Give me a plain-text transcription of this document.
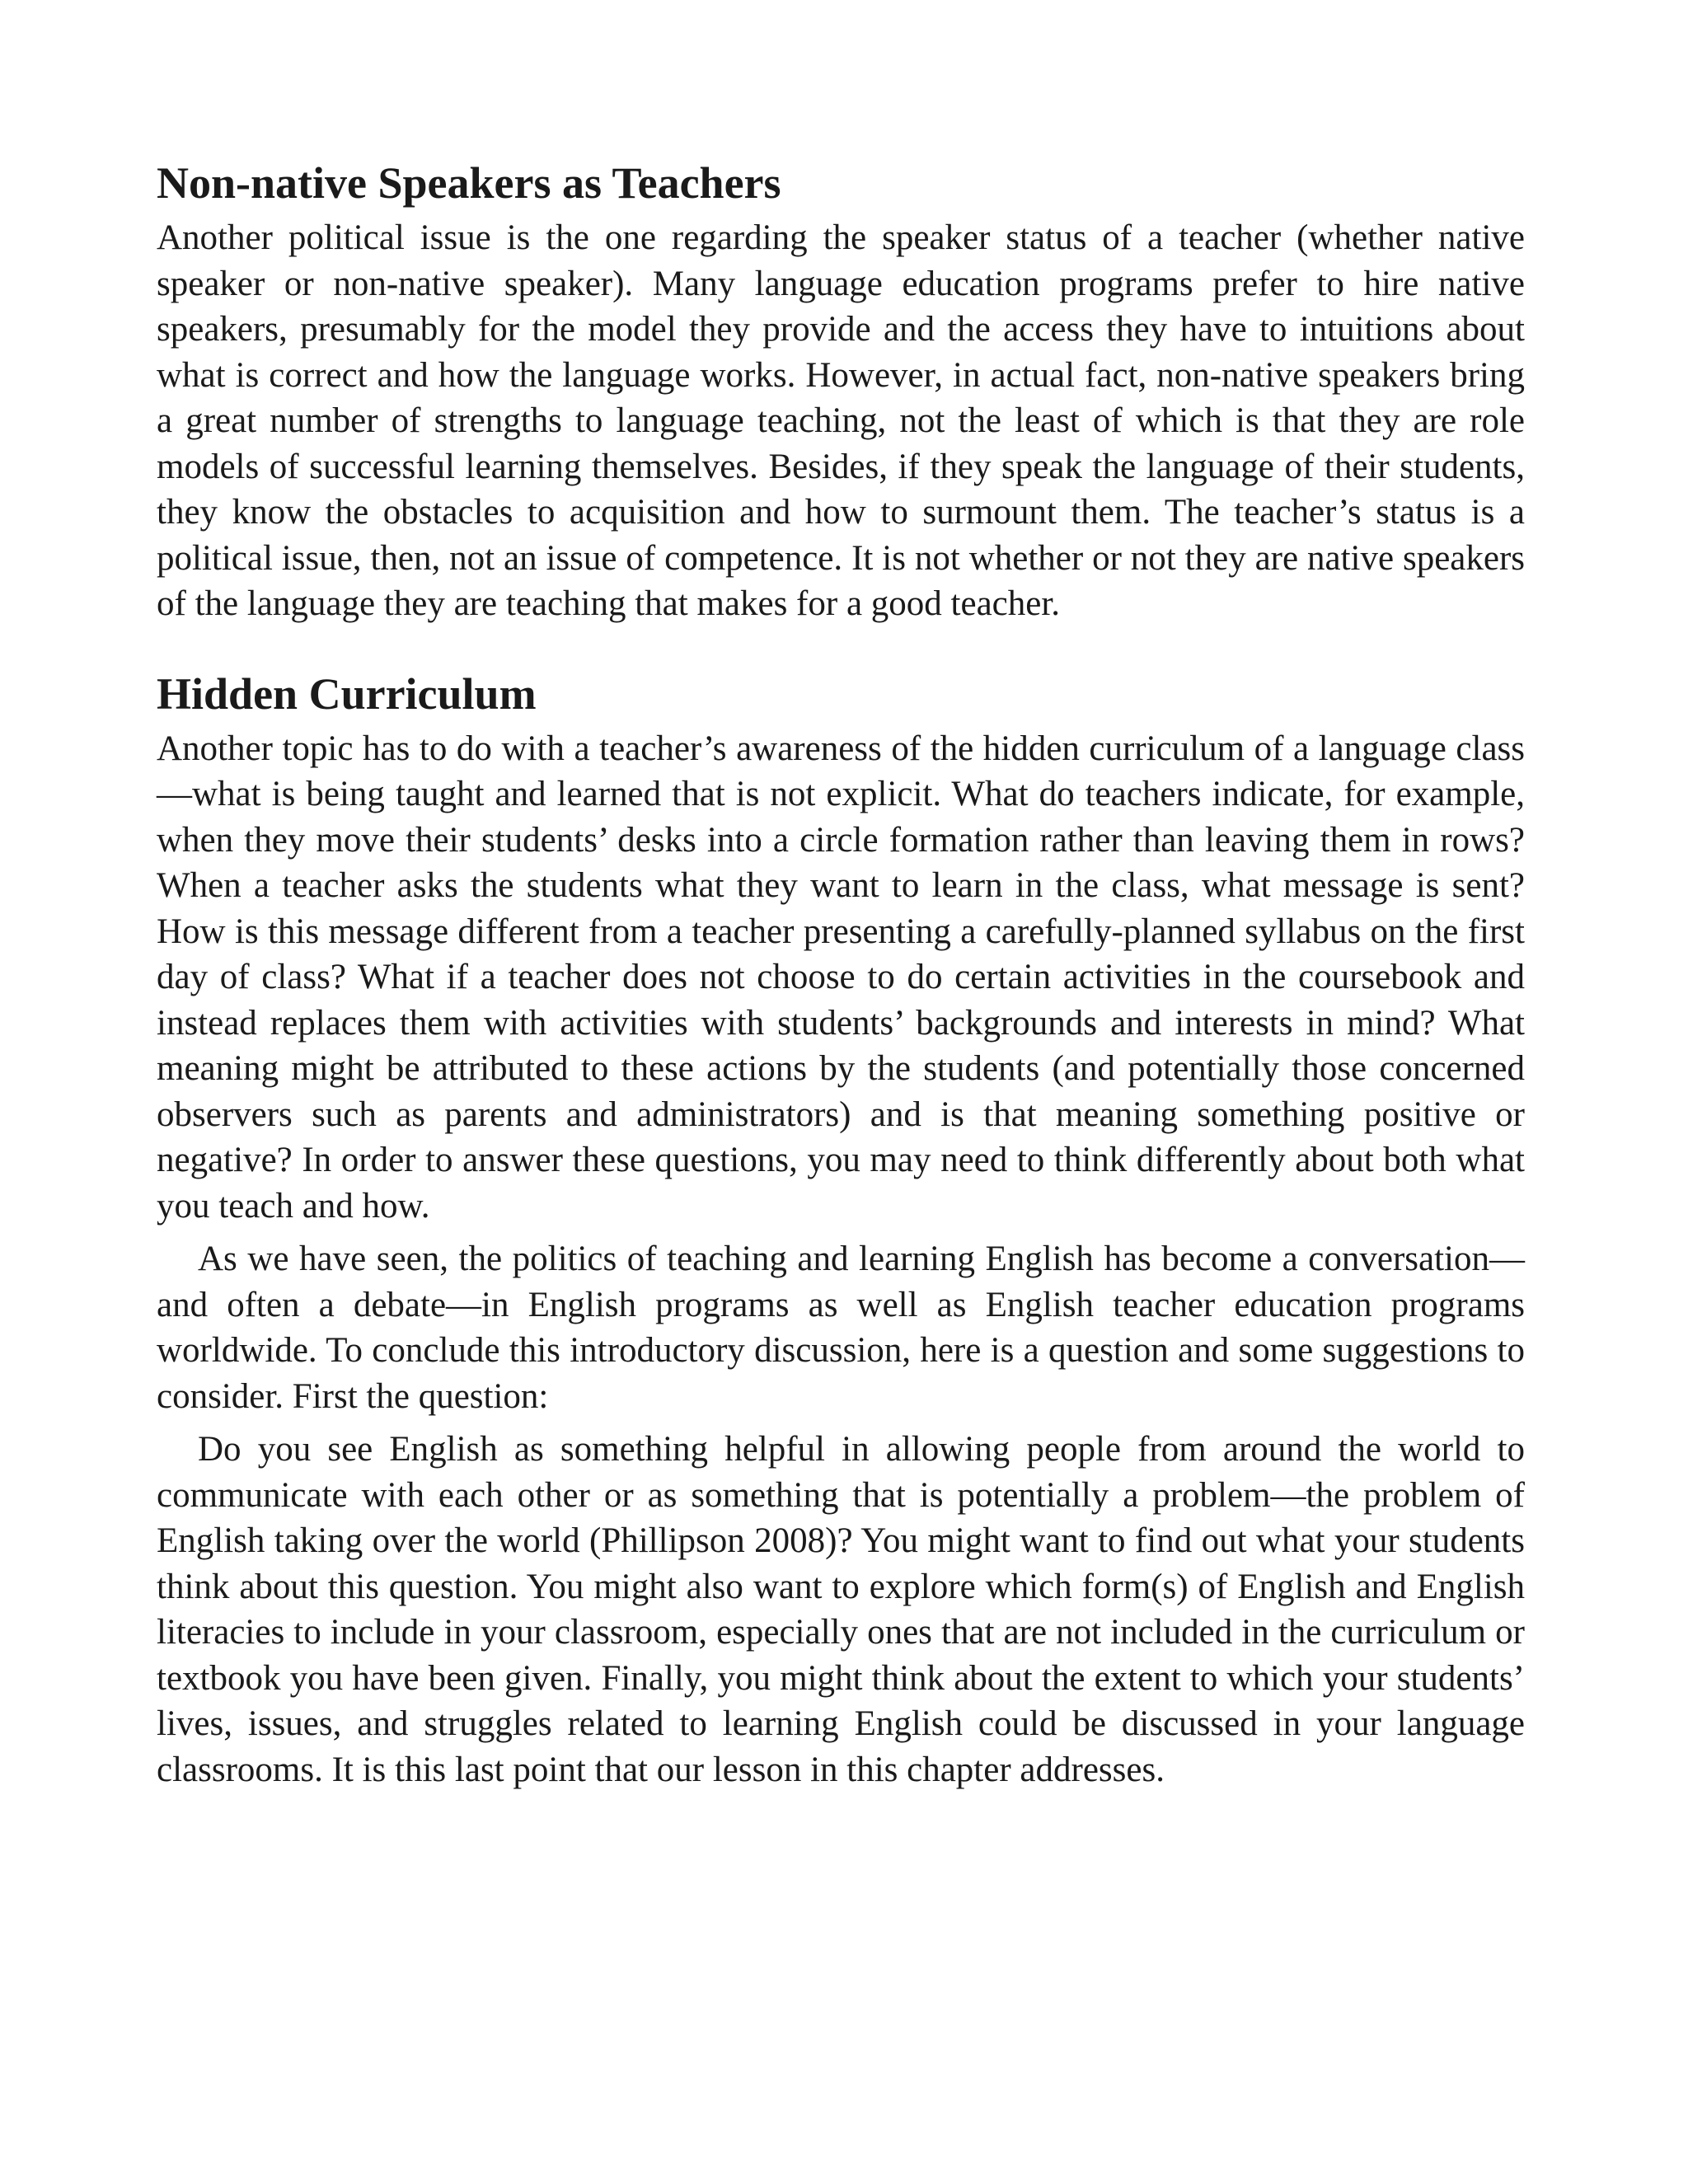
Non-native Speakers as Teachers

Another political issue is the one regarding the speaker status of a teacher (whether native speaker or non-native speaker). Many language education programs prefer to hire native speakers, presumably for the model they provide and the access they have to intuitions about what is correct and how the language works. However, in actual fact, non-native speakers bring a great number of strengths to language teaching, not the least of which is that they are role models of successful learning themselves. Besides, if they speak the language of their students, they know the obstacles to acquisition and how to surmount them. The teacher’s status is a political issue, then, not an issue of competence. It is not whether or not they are native speakers of the language they are teaching that makes for a good teacher.

Hidden Curriculum

Another topic has to do with a teacher’s awareness of the hidden curriculum of a language class—what is being taught and learned that is not explicit. What do teachers indicate, for example, when they move their students’ desks into a circle formation rather than leaving them in rows? When a teacher asks the students what they want to learn in the class, what message is sent? How is this message different from a teacher presenting a carefully-planned syllabus on the first day of class? What if a teacher does not choose to do certain activities in the coursebook and instead replaces them with activities with students’ backgrounds and interests in mind? What meaning might be attributed to these actions by the students (and potentially those concerned observers such as parents and administrators) and is that meaning something positive or negative? In order to answer these questions, you may need to think differently about both what you teach and how.

As we have seen, the politics of teaching and learning English has become a conversation—and often a debate—in English programs as well as English teacher education programs worldwide. To conclude this introductory discussion, here is a question and some suggestions to consider. First the question:

Do you see English as something helpful in allowing people from around the world to communicate with each other or as something that is potentially a problem—the problem of English taking over the world (Phillipson 2008)? You might want to find out what your students think about this question. You might also want to explore which form(s) of English and English literacies to include in your classroom, especially ones that are not included in the curriculum or textbook you have been given. Finally, you might think about the extent to which your students’ lives, issues, and struggles related to learning English could be discussed in your language classrooms. It is this last point that our lesson in this chapter addresses.
